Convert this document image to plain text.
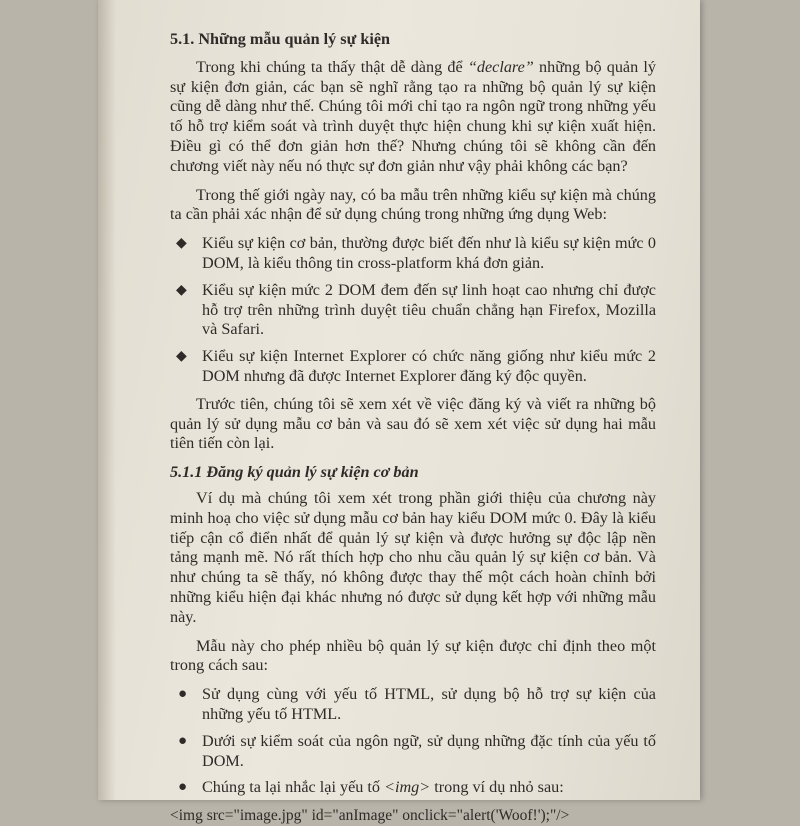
5.1. Những mẫu quản lý sự kiện

Trong khi chúng ta thấy thật dễ dàng để “declare” những bộ quản lý sự kiện đơn giản, các bạn sẽ nghĩ rằng tạo ra những bộ quản lý sự kiện cũng dễ dàng như thế. Chúng tôi mới chỉ tạo ra ngôn ngữ trong những yếu tố hỗ trợ kiểm soát và trình duyệt thực hiện chung khi sự kiện xuất hiện. Điều gì có thể đơn giản hơn thế? Nhưng chúng tôi sẽ không cần đến chương viết này nếu nó thực sự đơn giản như vậy phải không các bạn?

Trong thế giới ngày nay, có ba mẫu trên những kiểu sự kiện mà chúng ta cần phải xác nhận để sử dụng chúng trong những ứng dụng Web:

◆ Kiểu sự kiện cơ bản, thường được biết đến như là kiểu sự kiện mức 0 DOM, là kiểu thông tin cross-platform khá đơn giản.
◆ Kiểu sự kiện mức 2 DOM đem đến sự linh hoạt cao nhưng chỉ được hỗ trợ trên những trình duyệt tiêu chuẩn chẳng hạn Firefox, Mozilla và Safari.
◆ Kiểu sự kiện Internet Explorer có chức năng giống như kiểu mức 2 DOM nhưng đã được Internet Explorer đăng ký độc quyền.

Trước tiên, chúng tôi sẽ xem xét về việc đăng ký và viết ra những bộ quản lý sử dụng mẫu cơ bản và sau đó sẽ xem xét việc sử dụng hai mẫu tiên tiến còn lại.

5.1.1 Đăng ký quản lý sự kiện cơ bản

Ví dụ mà chúng tôi xem xét trong phần giới thiệu của chương này minh hoạ cho việc sử dụng mẫu cơ bản hay kiểu DOM mức 0. Đây là kiểu tiếp cận cổ điển nhất để quản lý sự kiện và được hưởng sự độc lập nền tảng mạnh mẽ. Nó rất thích hợp cho nhu cầu quản lý sự kiện cơ bản. Và như chúng ta sẽ thấy, nó không được thay thế một cách hoàn chỉnh bởi những kiểu hiện đại khác nhưng nó được sử dụng kết hợp với những mẫu này.

Mẫu này cho phép nhiều bộ quản lý sự kiện được chỉ định theo một trong cách sau:

● Sử dụng cùng với yếu tố HTML, sử dụng bộ hỗ trợ sự kiện của những yếu tố HTML.
● Dưới sự kiểm soát của ngôn ngữ, sử dụng những đặc tính của yếu tố DOM.
● Chúng ta lại nhắc lại yếu tố <img> trong ví dụ nhỏ sau:
<img src="image.jpg" id="anImage" onclick="alert('Woof!');"/>
